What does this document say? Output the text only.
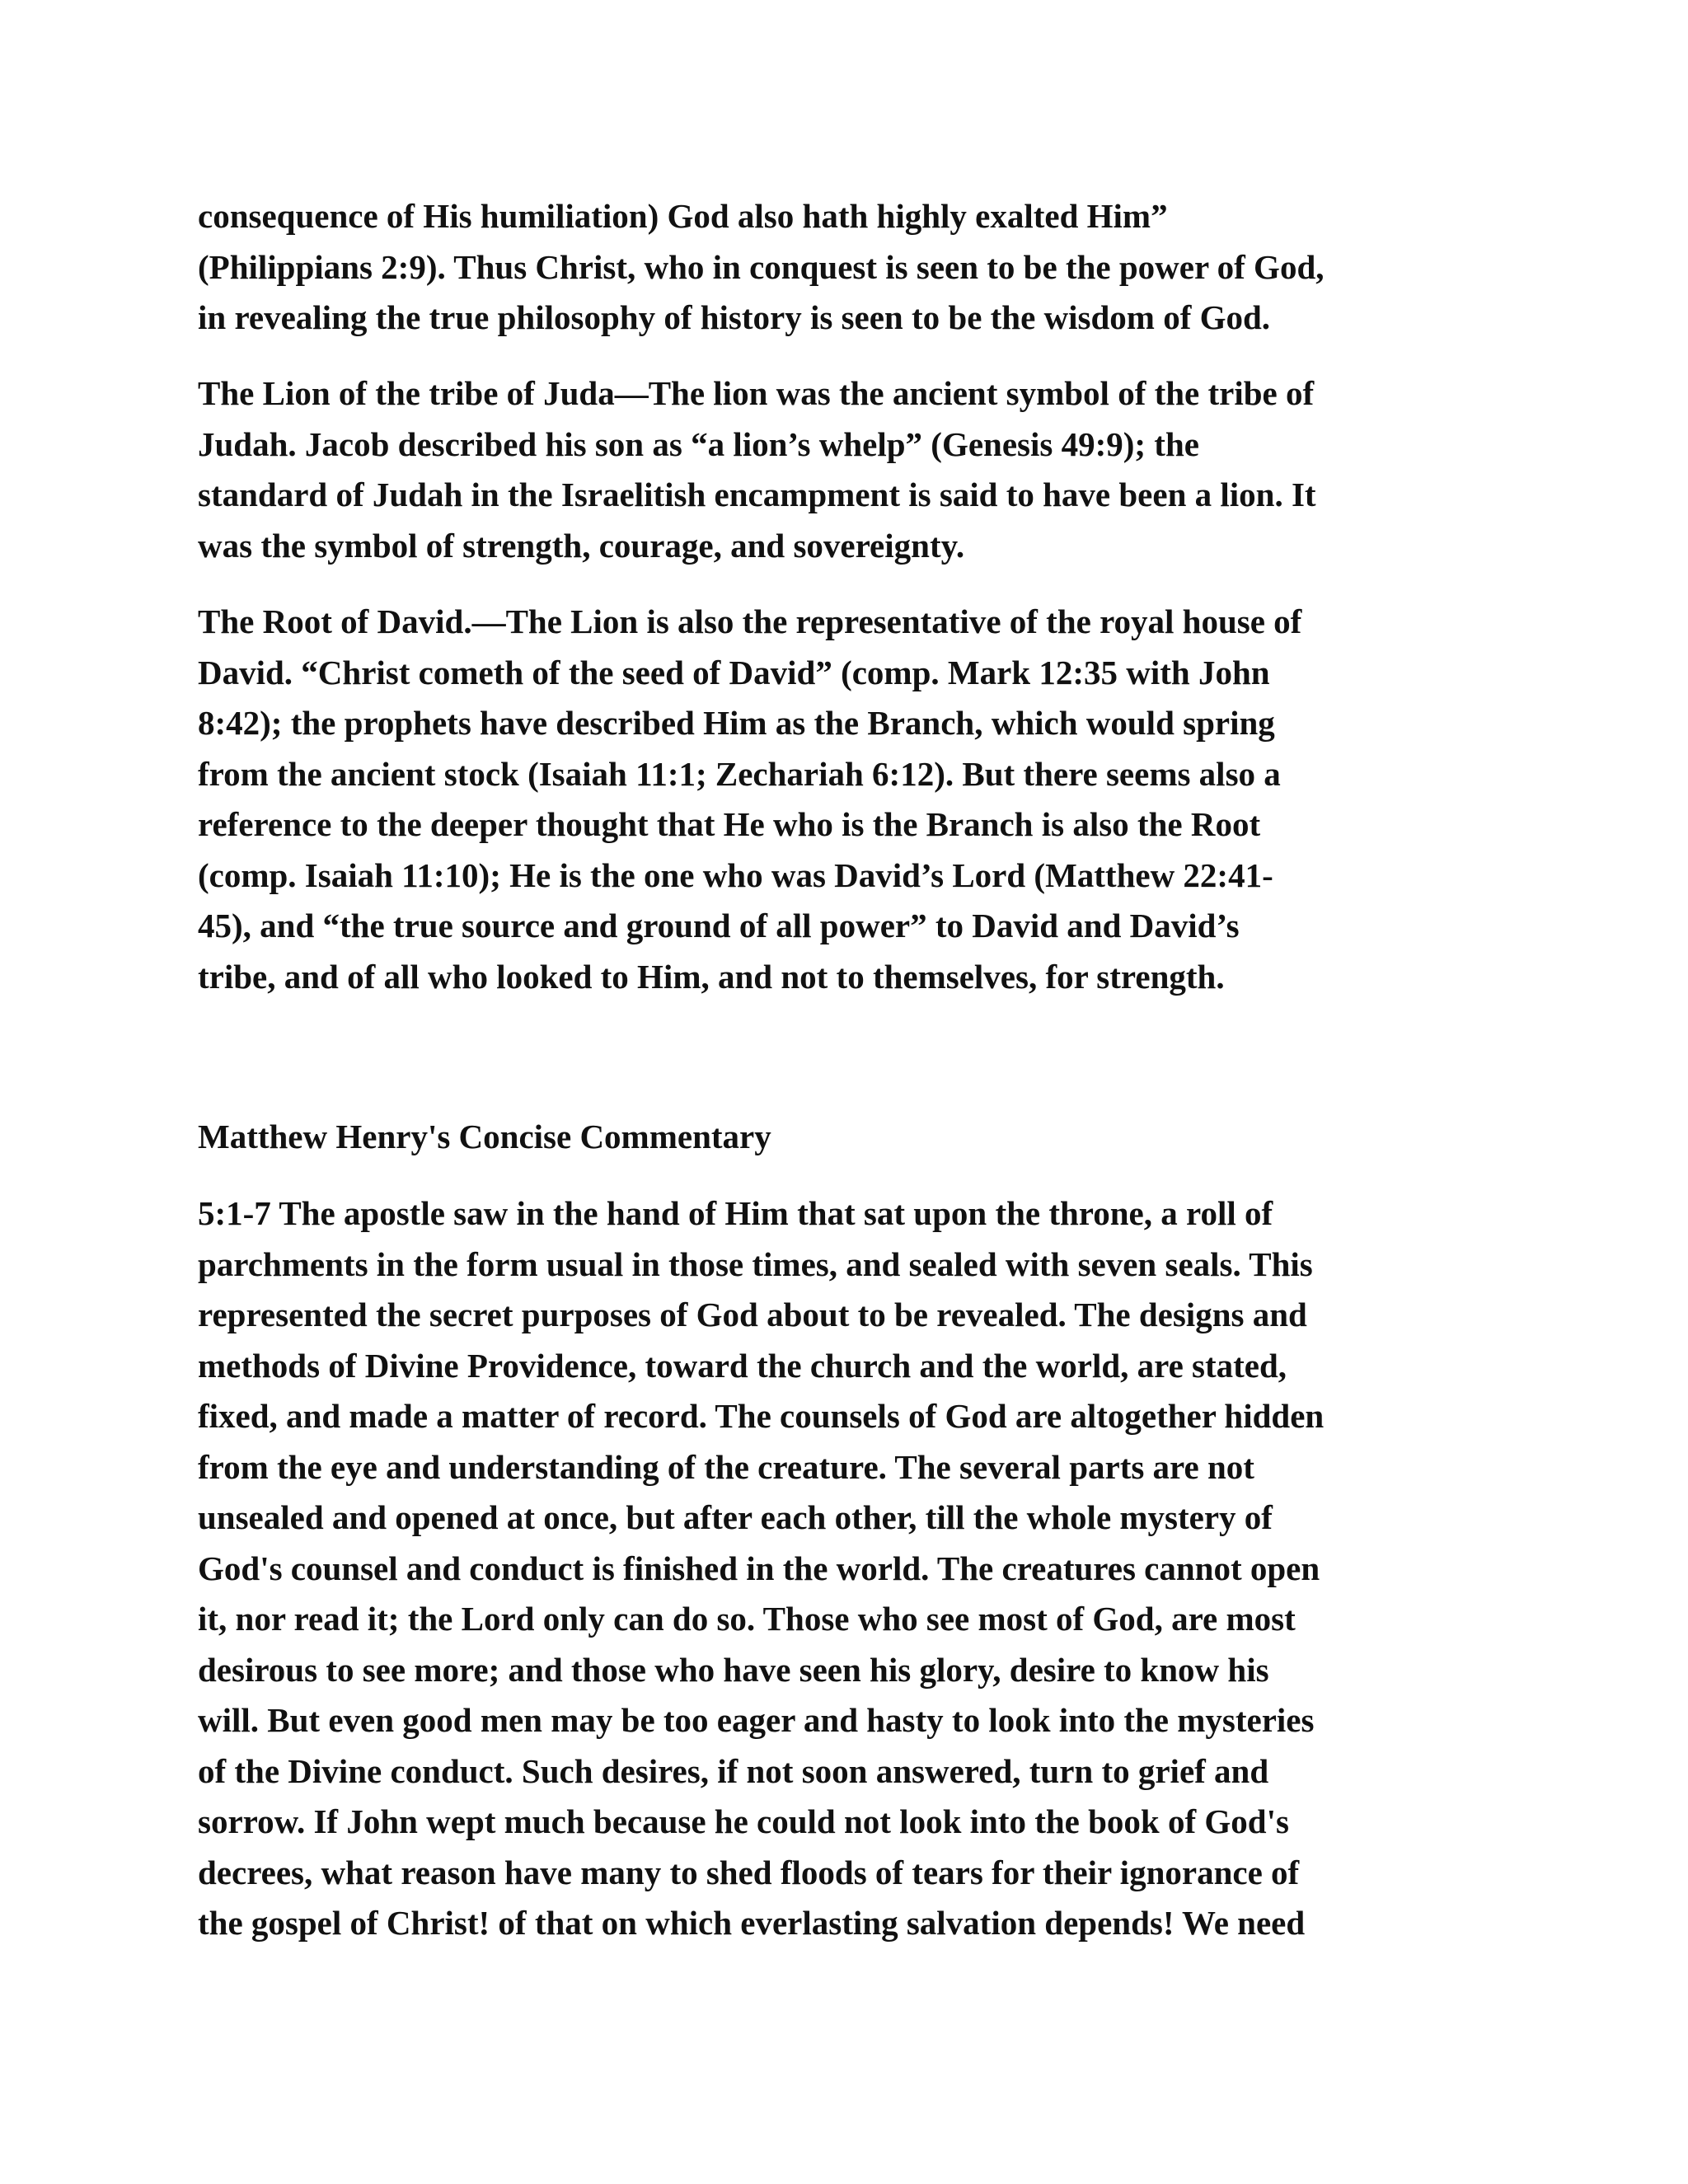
consequence of His humiliation) God also hath highly exalted Him”
(Philippians 2:9). Thus Christ, who in conquest is seen to be the power of God,
in revealing the true philosophy of history is seen to be the wisdom of God.

The Lion of the tribe of Juda—The lion was the ancient symbol of the tribe of
Judah. Jacob described his son as “a lion’s whelp” (Genesis 49:9); the
standard of Judah in the Israelitish encampment is said to have been a lion. It
was the symbol of strength, courage, and sovereignty.

The Root of David.—The Lion is also the representative of the royal house of
David. “Christ cometh of the seed of David” (comp. Mark 12:35 with John
8:42); the prophets have described Him as the Branch, which would spring
from the ancient stock (Isaiah 11:1; Zechariah 6:12). But there seems also a
reference to the deeper thought that He who is the Branch is also the Root
(comp. Isaiah 11:10); He is the one who was David’s Lord (Matthew 22:41-
45), and “the true source and ground of all power” to David and David’s
tribe, and of all who looked to Him, and not to themselves, for strength.

Matthew Henry's Concise Commentary

5:1-7 The apostle saw in the hand of Him that sat upon the throne, a roll of
parchments in the form usual in those times, and sealed with seven seals. This
represented the secret purposes of God about to be revealed. The designs and
methods of Divine Providence, toward the church and the world, are stated,
fixed, and made a matter of record. The counsels of God are altogether hidden
from the eye and understanding of the creature. The several parts are not
unsealed and opened at once, but after each other, till the whole mystery of
God's counsel and conduct is finished in the world. The creatures cannot open
it, nor read it; the Lord only can do so. Those who see most of God, are most
desirous to see more; and those who have seen his glory, desire to know his
will. But even good men may be too eager and hasty to look into the mysteries
of the Divine conduct. Such desires, if not soon answered, turn to grief and
sorrow. If John wept much because he could not look into the book of God's
decrees, what reason have many to shed floods of tears for their ignorance of
the gospel of Christ! of that on which everlasting salvation depends! We need
